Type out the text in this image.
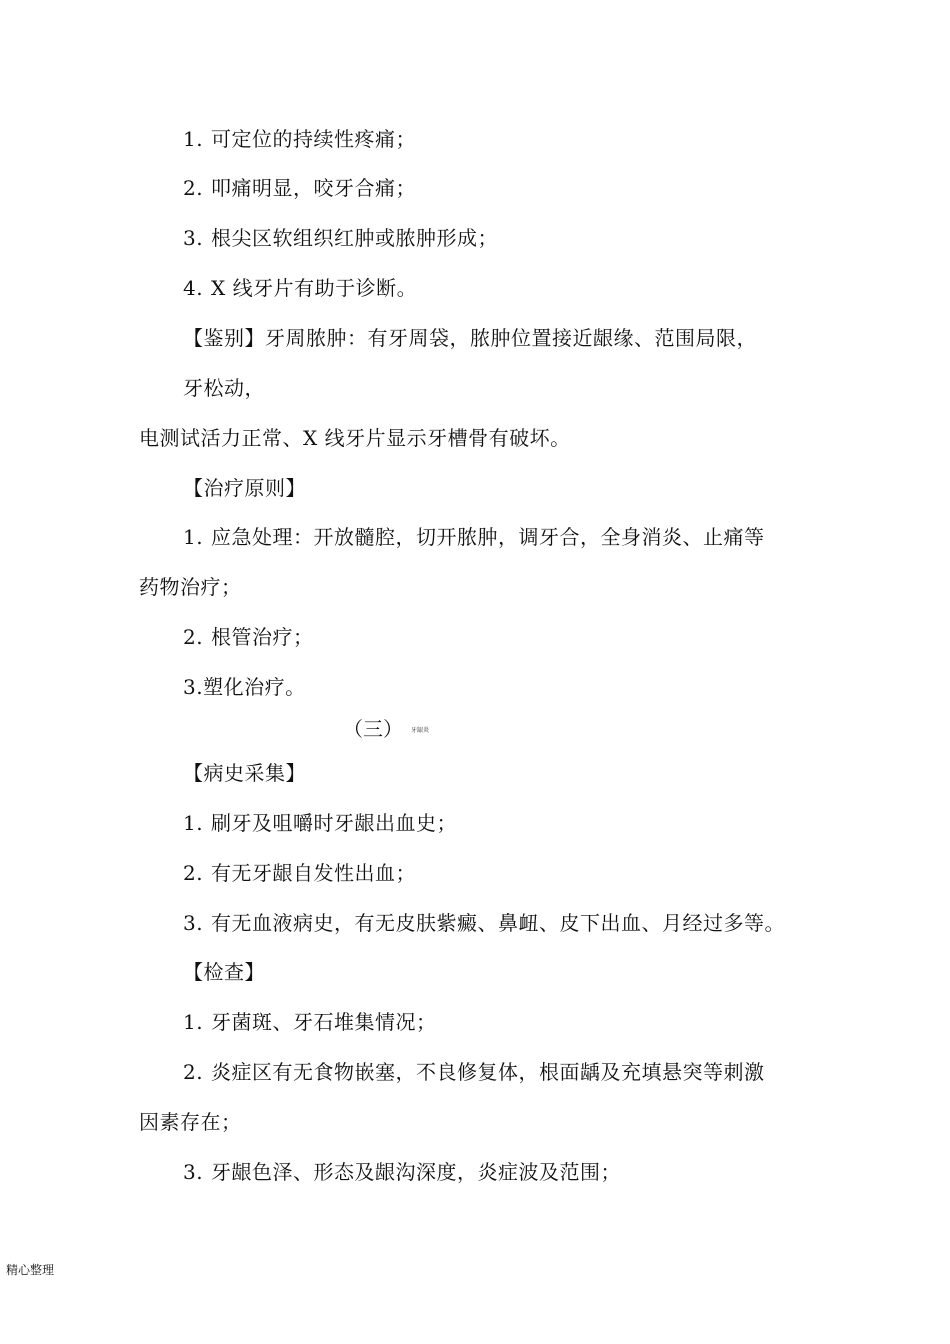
1. 可定位的持续性疼痛；
2. 叩痛明显，咬牙合痛；
3. 根尖区软组织红肿或脓肿形成；
4. X 线牙片有助于诊断。
【鉴别】牙周脓肿：有牙周袋，脓肿位置接近龈缘、范围局限，
牙松动，
电测试活力正常、X 线牙片显示牙槽骨有破坏。
【治疗原则】
1. 应急处理：开放髓腔，切开脓肿，调牙合，全身消炎、止痛等
药物治疗；
2. 根管治疗；
3.塑化治疗。
（三） 牙龈炎
【病史采集】
1. 刷牙及咀嚼时牙龈出血史；
2. 有无牙龈自发性出血；
3. 有无血液病史，有无皮肤紫癜、鼻衄、皮下出血、月经过多等。
【检查】
1. 牙菌斑、牙石堆集情况；
2. 炎症区有无食物嵌塞，不良修复体，根面龋及充填悬突等刺激
因素存在；
3. 牙龈色泽、形态及龈沟深度，炎症波及范围；
精心整理
